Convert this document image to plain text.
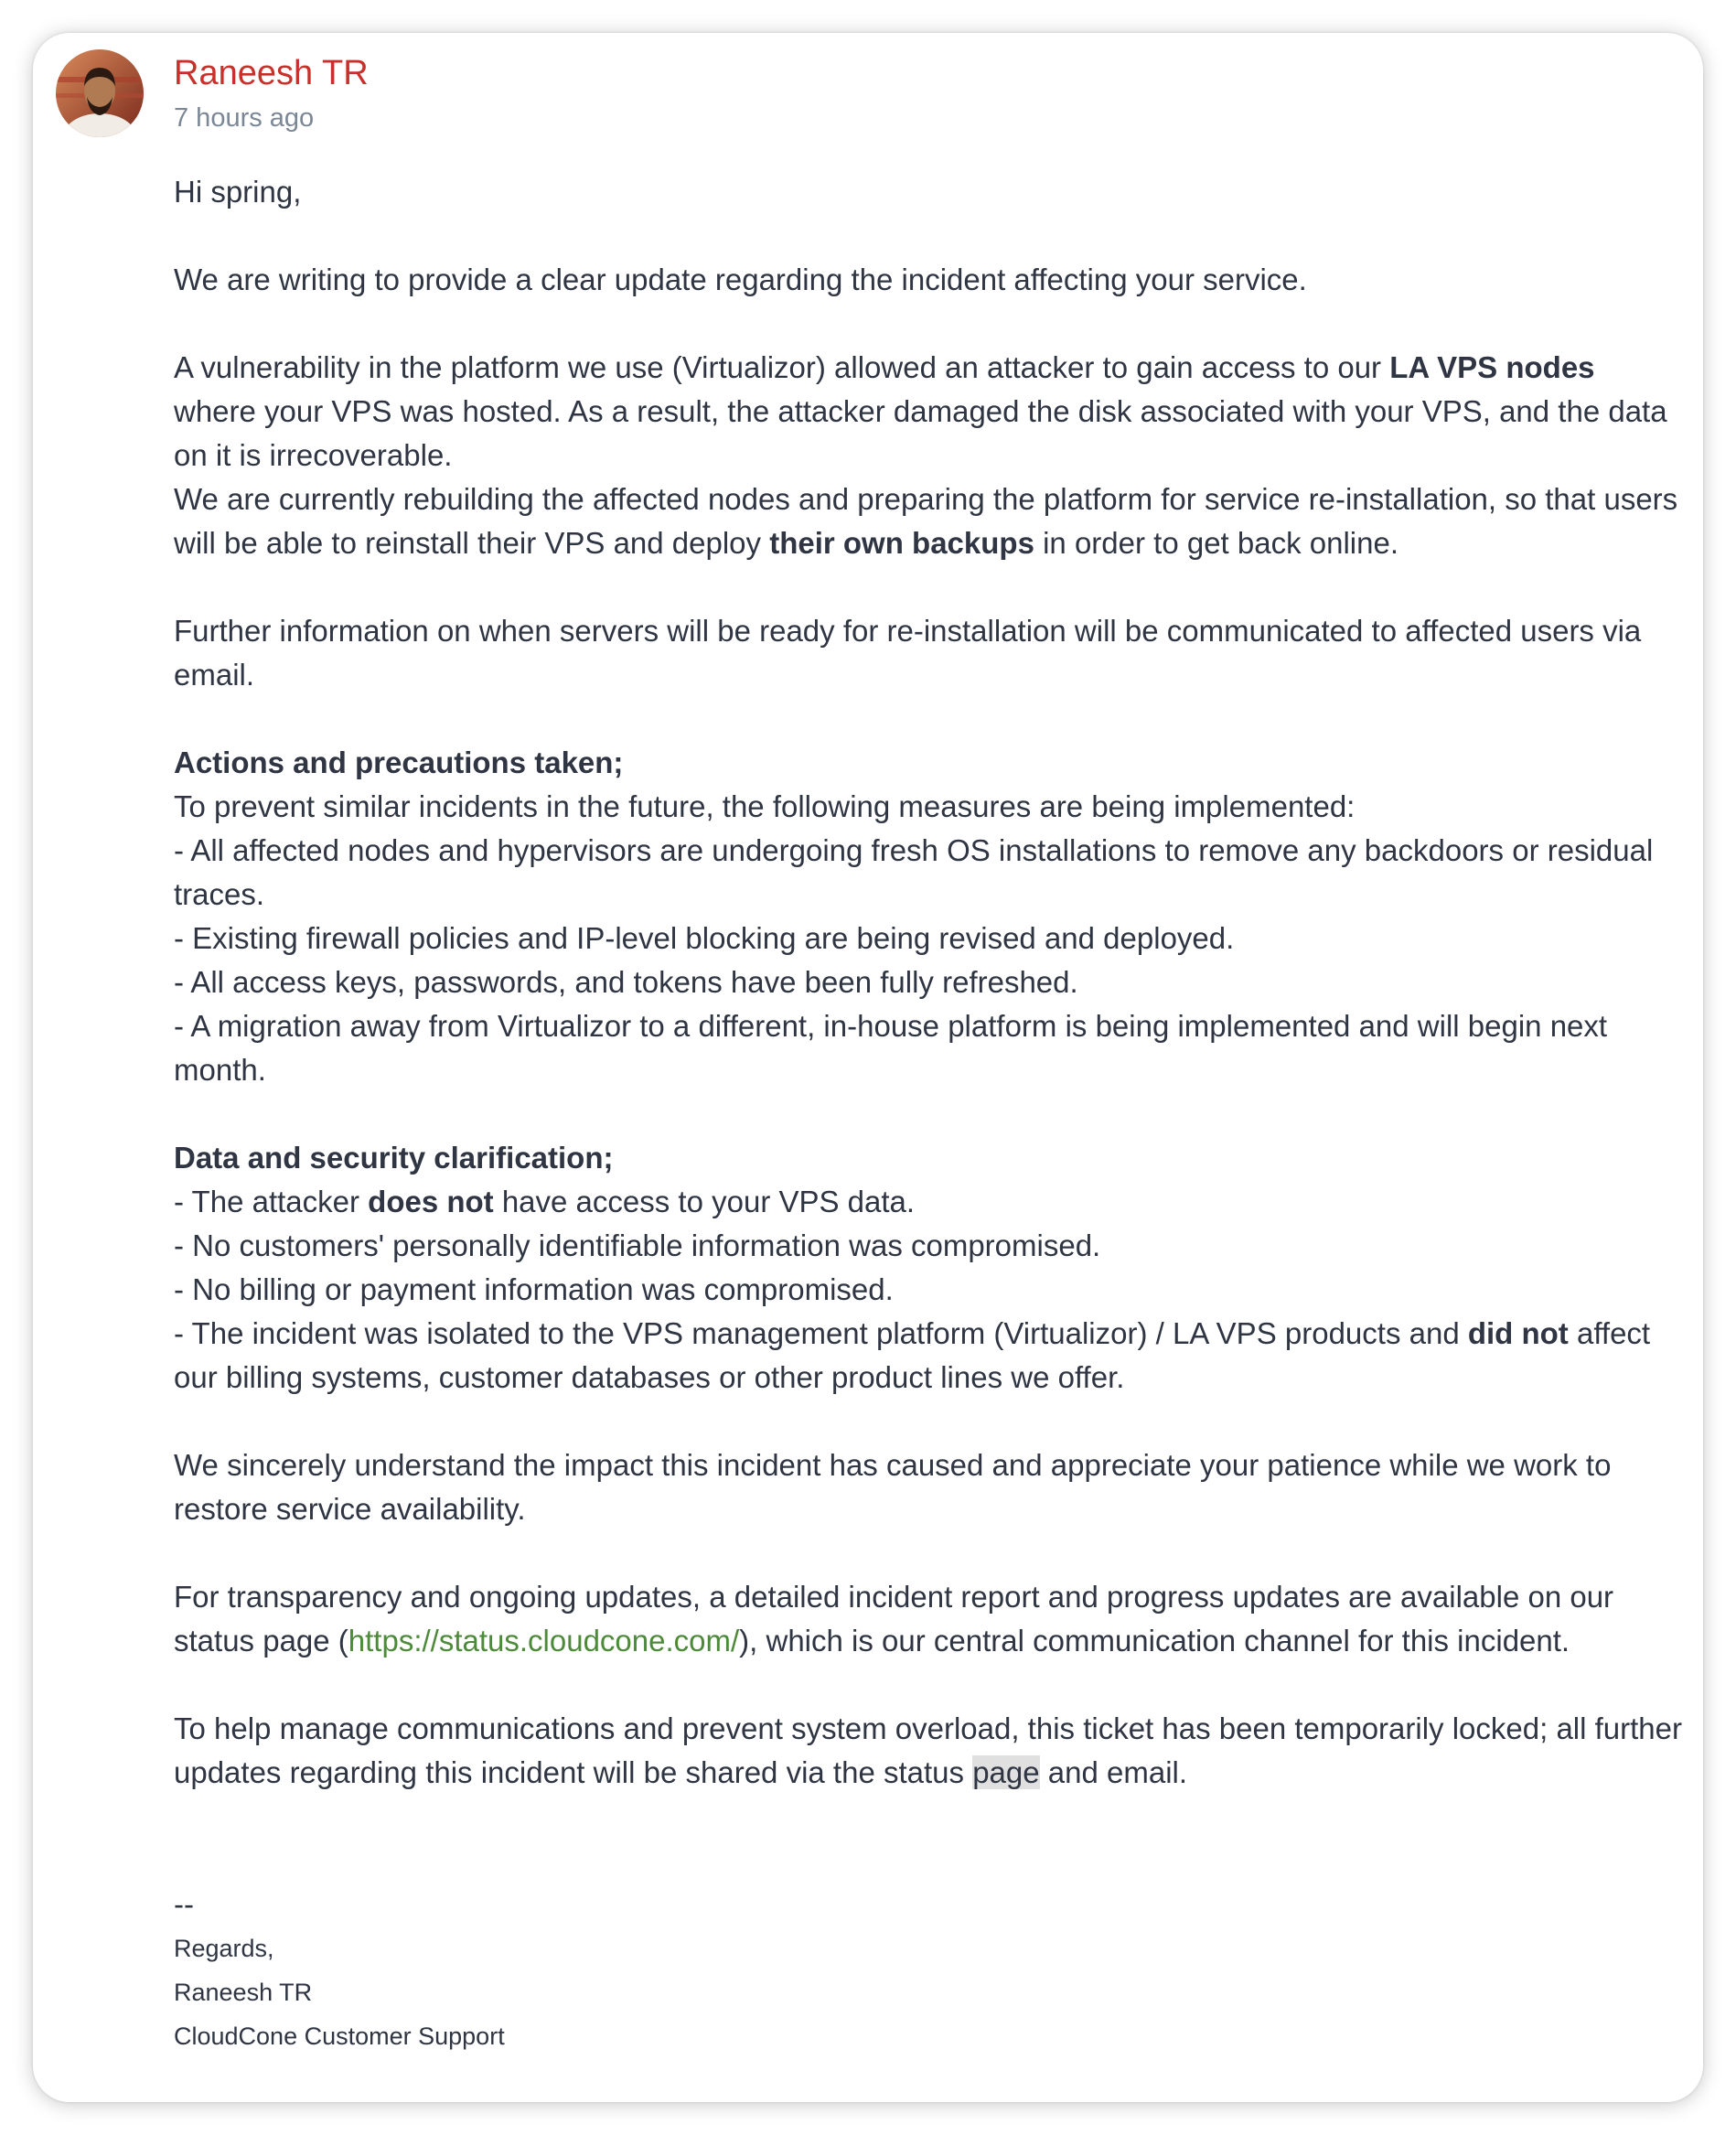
Raneesh TR
7 hours ago

Hi spring,

We are writing to provide a clear update regarding the incident affecting your service.

A vulnerability in the platform we use (Virtualizor) allowed an attacker to gain access to our LA VPS nodes where your VPS was hosted. As a result, the attacker damaged the disk associated with your VPS, and the data on it is irrecoverable.

We are currently rebuilding the affected nodes and preparing the platform for service re-installation, so that users will be able to reinstall their VPS and deploy their own backups in order to get back online.

Further information on when servers will be ready for re-installation will be communicated to affected users via email.

Actions and precautions taken;

To prevent similar incidents in the future, the following measures are being implemented:

- All affected nodes and hypervisors are undergoing fresh OS installations to remove any backdoors or residual traces.

- Existing firewall policies and IP-level blocking are being revised and deployed.

- All access keys, passwords, and tokens have been fully refreshed.

- A migration away from Virtualizor to a different, in-house platform is being implemented and will begin next month.

Data and security clarification;

- The attacker does not have access to your VPS data.

- No customers' personally identifiable information was compromised.

- No billing or payment information was compromised.

- The incident was isolated to the VPS management platform (Virtualizor) / LA VPS products and did not affect our billing systems, customer databases or other product lines we offer.

We sincerely understand the impact this incident has caused and appreciate your patience while we work to restore service availability.

For transparency and ongoing updates, a detailed incident report and progress updates are available on our status page (https://status.cloudcone.com/), which is our central communication channel for this incident.

To help manage communications and prevent system overload, this ticket has been temporarily locked; all further updates regarding this incident will be shared via the status page and email.

--
Regards,
Raneesh TR
CloudCone Customer Support
